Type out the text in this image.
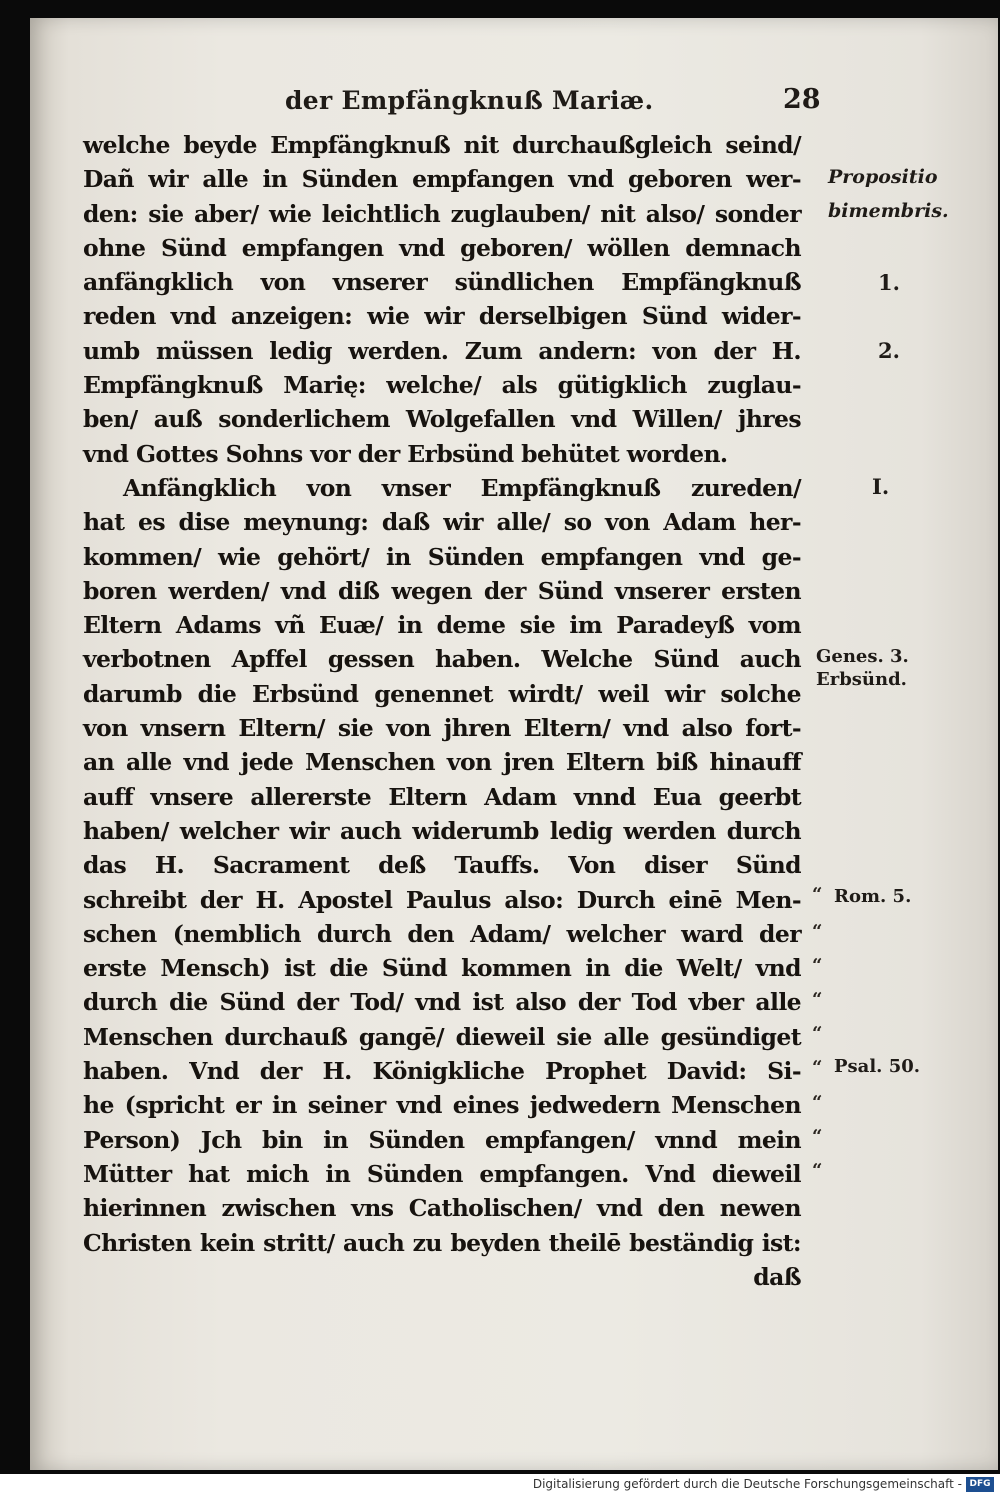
der Empfängknuß Mariæ.	28
welche beyde Empfängknuß nit durchaußgleich seind/
Dañ wir alle in Sünden empfangen vnd geboren wer-
den: sie aber/ wie leichtlich zuglauben/ nit also/ sonder
ohne Sünd empfangen vnd geboren/ wöllen demnach
anfängklich von vnserer sündlichen Empfängknuß
reden vnd anzeigen: wie wir derselbigen Sünd wider-
umb müssen ledig werden. Zum andern: von der H.
Empfängknuß Marię: welche/ als gütigklich zuglau-
ben/ auß sonderlichem Wolgefallen vnd Willen/ jhres
vnd Gottes Sohns vor der Erbsünd behütet worden.
Anfängklich von vnser Empfängknuß zureden/
hat es dise meynung: daß wir alle/ so von Adam her-
kommen/ wie gehört/ in Sünden empfangen vnd ge-
boren werden/ vnd diß wegen der Sünd vnserer ersten
Eltern Adams vñ Euæ/ in deme sie im Paradeyß vom
verbotnen Apffel gessen haben. Welche Sünd auch
darumb die Erbsünd genennet wirdt/ weil wir solche
von vnsern Eltern/ sie von jhren Eltern/ vnd also fort-
an alle vnd jede Menschen von jren Eltern biß hinauff
auff vnsere allererste Eltern Adam vnnd Eua geerbt
haben/ welcher wir auch widerumb ledig werden durch
das H. Sacrament deß Tauffs. Von diser Sünd
schreibt der H. Apostel Paulus also: Durch einē Men-
schen (nemblich durch den Adam/ welcher ward der
erste Mensch) ist die Sünd kommen in die Welt/ vnd
durch die Sünd der Tod/ vnd ist also der Tod vber alle
Menschen durchauß gangē/ dieweil sie alle gesündiget
haben. Vnd der H. Königkliche Prophet David: Si-
he (spricht er in seiner vnd eines jedwedern Menschen
Person) Jch bin in Sünden empfangen/ vnnd mein
Mütter hat mich in Sünden empfangen. Vnd dieweil
hierinnen zwischen vns Catholischen/ vnd den newen
Christen kein stritt/ auch zu beyden theilē beständig ist:
daß
Propositio
bimembris.
1.
2.
I.
Genes. 3.
Erbsünd.
Rom. 5.
Psal. 50.
“
“
“
“
“
“
“
“
“
Digitalisierung gefördert durch die Deutsche Forschungsgemeinschaft - DFG
